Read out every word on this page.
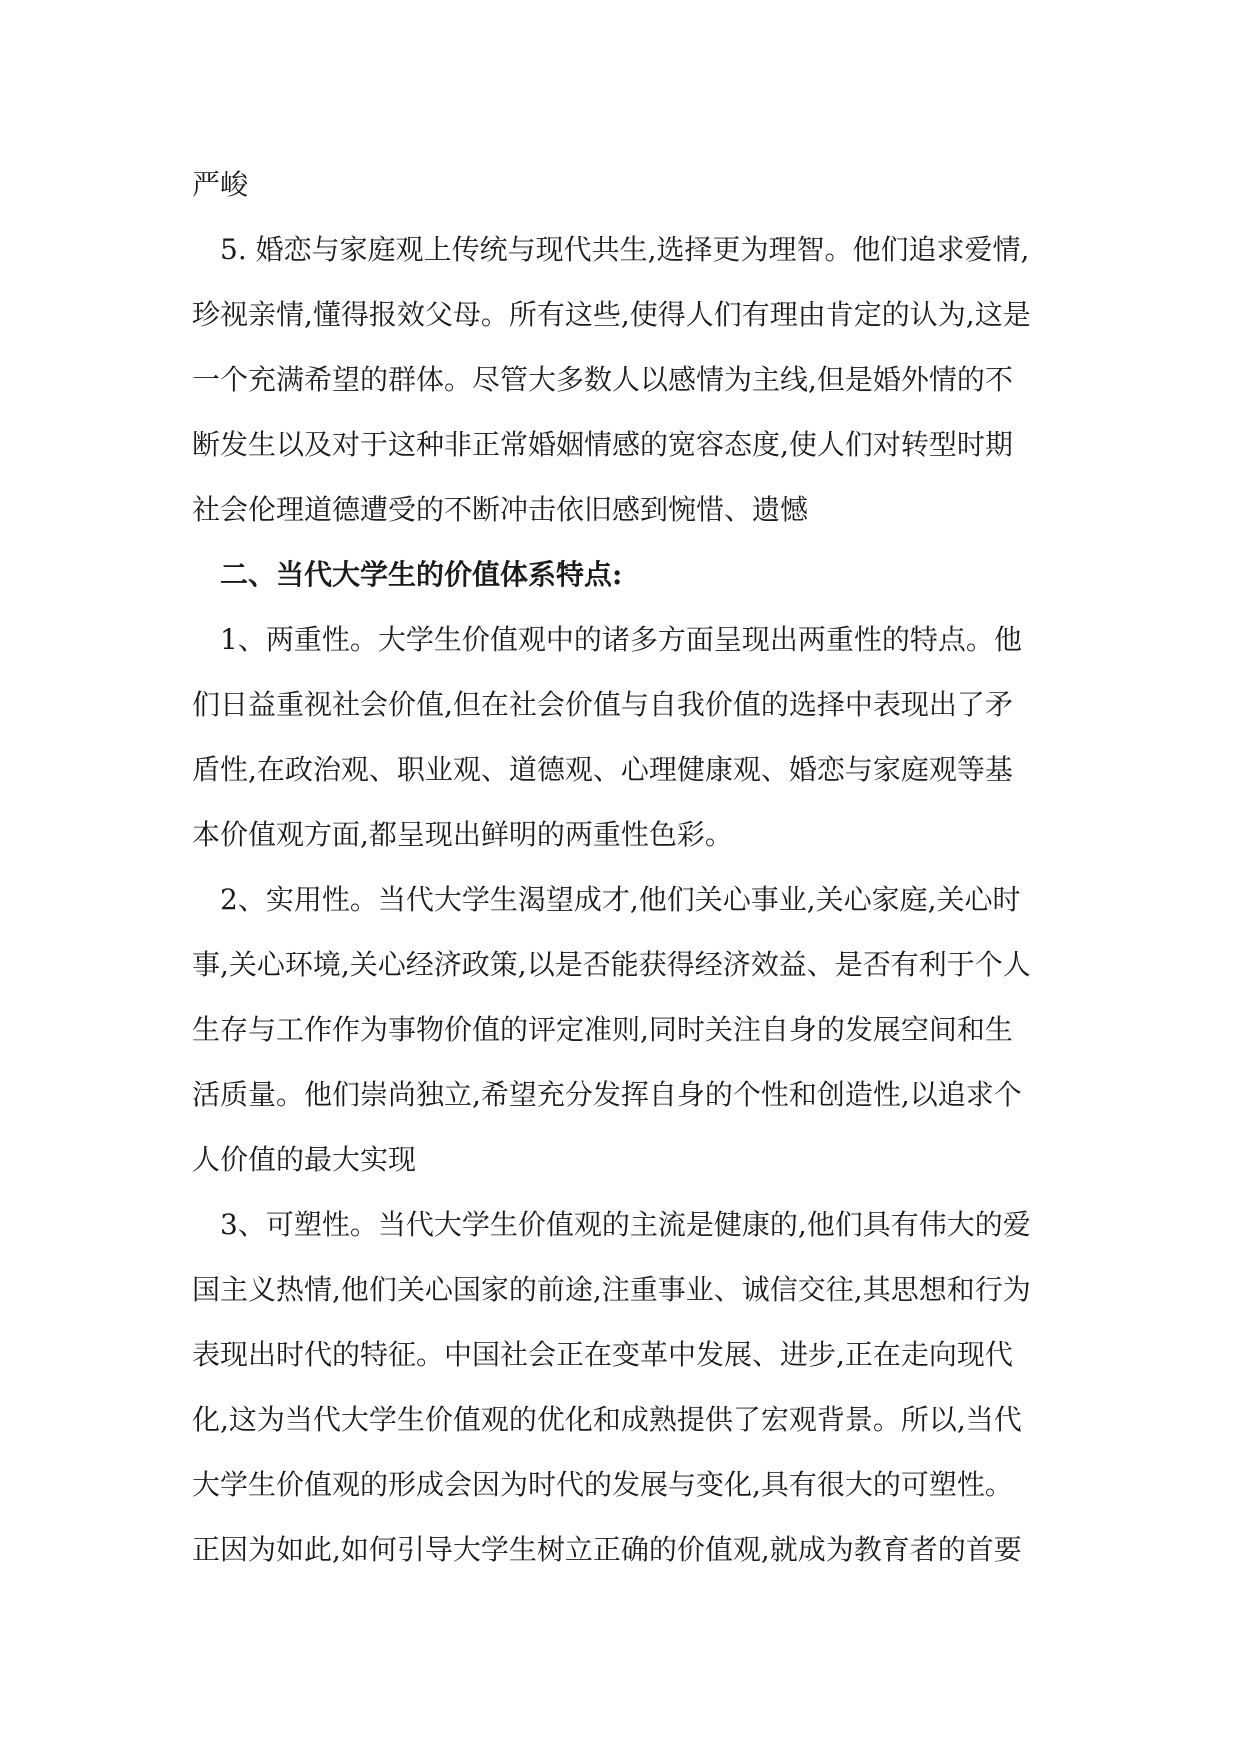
严峻
5. 婚恋与家庭观上传统与现代共生,选择更为理智。他们追求爱情,
珍视亲情,懂得报效父母。所有这些,使得人们有理由肯定的认为,这是
一个充满希望的群体。尽管大多数人以感情为主线,但是婚外情的不
断发生以及对于这种非正常婚姻情感的宽容态度,使人们对转型时期
社会伦理道德遭受的不断冲击依旧感到惋惜、遗憾
二、当代大学生的价值体系特点:
1、两重性。大学生价值观中的诸多方面呈现出两重性的特点。他
们日益重视社会价值,但在社会价值与自我价值的选择中表现出了矛
盾性,在政治观、职业观、道德观、心理健康观、婚恋与家庭观等基
本价值观方面,都呈现出鲜明的两重性色彩。
2、实用性。当代大学生渴望成才,他们关心事业,关心家庭,关心时
事,关心环境,关心经济政策,以是否能获得经济效益、是否有利于个人
生存与工作作为事物价值的评定准则,同时关注自身的发展空间和生
活质量。他们崇尚独立,希望充分发挥自身的个性和创造性,以追求个
人价值的最大实现
3、可塑性。当代大学生价值观的主流是健康的,他们具有伟大的爱
国主义热情,他们关心国家的前途,注重事业、诚信交往,其思想和行为
表现出时代的特征。中国社会正在变革中发展、进步,正在走向现代
化,这为当代大学生价值观的优化和成熟提供了宏观背景。所以,当代
大学生价值观的形成会因为时代的发展与变化,具有很大的可塑性。
正因为如此,如何引导大学生树立正确的价值观,就成为教育者的首要
